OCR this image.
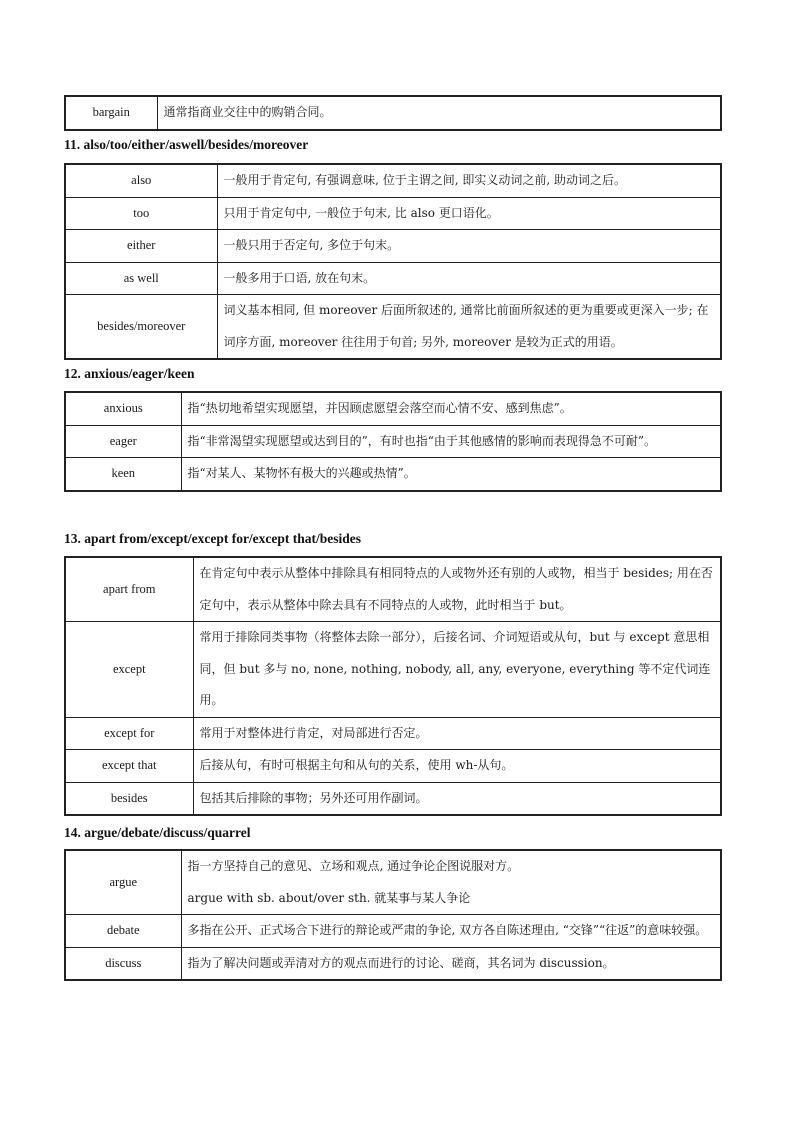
bargain	通常指商业交往中的购销合同。
11. also/too/either/aswell/besides/moreover
also	一般用于肯定句, 有强调意味, 位于主谓之间, 即实义动词之前, 助动词之后。
too	只用于肯定句中, 一般位于句末, 比 also 更口语化。
either	一般只用于否定句, 多位于句末。
as well	一般多用于口语, 放在句末。
besides/moreover	词义基本相同, 但 moreover 后面所叙述的, 通常比前面所叙述的更为重要或更深入一步; 在词序方面, moreover 往往用于句首; 另外, moreover 是较为正式的用语。
12. anxious/eager/keen
anxious	指“热切地希望实现愿望，并因顾虑愿望会落空而心情不安、感到焦虑”。
eager	指“非常渴望实现愿望或达到目的”，有时也指“由于其他感情的影响而表现得急不可耐”。
keen	指“对某人、某物怀有极大的兴趣或热情”。
13. apart from/except/except for/except that/besides
apart from	在肯定句中表示从整体中排除具有相同特点的人或物外还有别的人或物，相当于 besides; 用在否定句中，表示从整体中除去具有不同特点的人或物，此时相当于 but。
except	常用于排除同类事物（将整体去除一部分），后接名词、介词短语或从句，but 与 except 意思相同，但 but 多与 no, none, nothing, nobody, all, any, everyone, everything 等不定代词连用。
except for	常用于对整体进行肯定，对局部进行否定。
except that	后接从句，有时可根据主句和从句的关系，使用 wh-从句。
besides	包括其后排除的事物；另外还可用作副词。
14. argue/debate/discuss/quarrel
argue	指一方坚持自己的意见、立场和观点, 通过争论企图说服对方。
argue with sb. about/over sth. 就某事与某人争论

debate	多指在公开、正式场合下进行的辩论或严肃的争论, 双方各自陈述理由, “交锋”“往返”的意味较强。
discuss	指为了解决问题或弄清对方的观点而进行的讨论、磋商，其名词为 discussion。
